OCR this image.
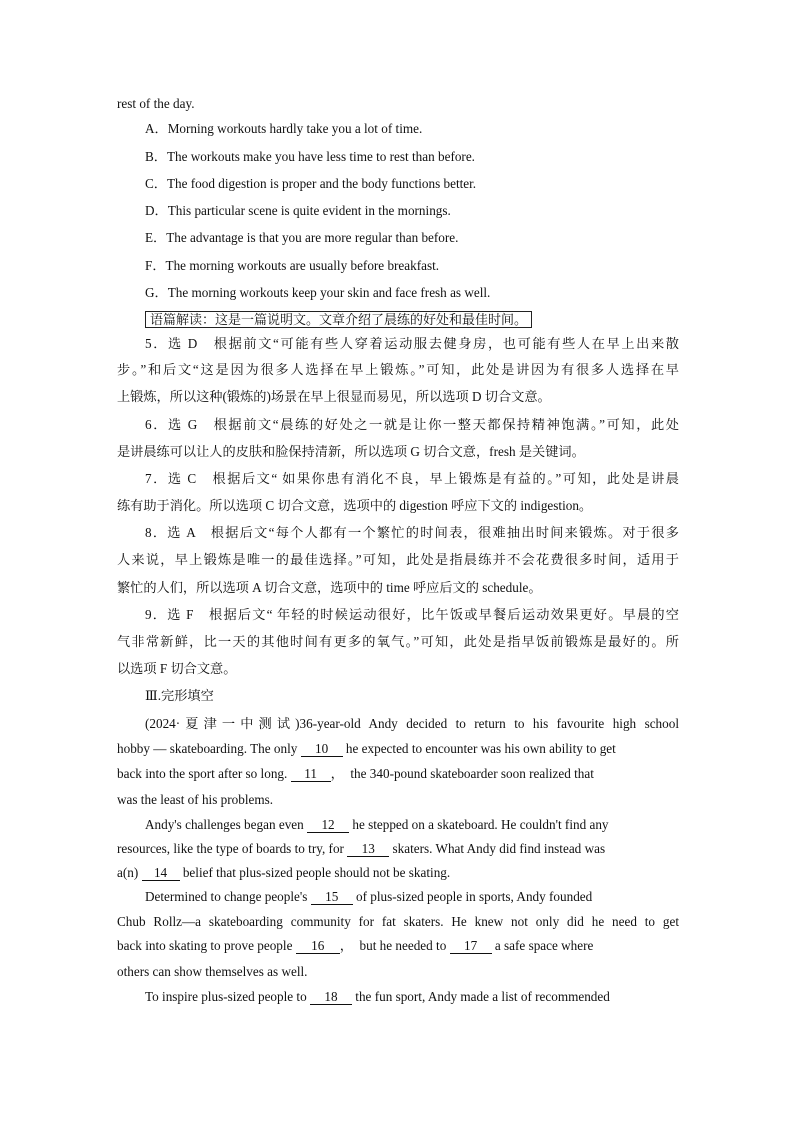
rest of the day.
A．Morning workouts hardly take you a lot of time.
B．The workouts make you have less time to rest than before.
C．The food digestion is proper and the body functions better.
D．This particular scene is quite evident in the mornings.
E．The advantage is that you are more regular than before.
F．The morning workouts are usually before breakfast.
G．The morning workouts keep your skin and face fresh as well.
语篇解读：这是一篇说明文。文章介绍了晨练的好处和最佳时间。
5．选 D　根据前文“可能有些人穿着运动服去健身房，也可能有些人在早上出来散
步。”和后文“这是因为很多人选择在早上锻炼。”可知，此处是讲因为有很多人选择在早
上锻炼，所以这种(锻炼的)场景在早上很显而易见，所以选项 D 切合文意。
6．选 G　根据前文“晨练的好处之一就是让你一整天都保持精神饱满。”可知，此处
是讲晨练可以让人的皮肤和脸保持清新，所以选项 G 切合文意，fresh 是关键词。
7．选 C　根据后文“ 如果你患有消化不良，早上锻炼是有益的。”可知，此处是讲晨
练有助于消化。所以选项 C 切合文意，选项中的 digestion 呼应下文的 indigestion。
8．选 A　根据后文“每个人都有一个繁忙的时间表，很难抽出时间来锻炼。对于很多
人来说，早上锻炼是唯一的最佳选择。”可知，此处是指晨练并不会花费很多时间，适用于
繁忙的人们，所以选项 A 切合文意，选项中的 time 呼应后文的 schedule。
9．选 F　根据后文“ 年轻的时候运动很好，比午饭或早餐后运动效果更好。早晨的空
气非常新鲜，比一天的其他时间有更多的氧气。”可知，此处是指早饭前锻炼是最好的。所
以选项 F 切合文意。
Ⅲ.完形填空
(2024·夏津一中测试)36-year-old Andy decided to return to his favourite high school
hobby — skateboarding. The only 10 he expected to encounter was his own ability to get
back into the sport after so long. 11 ，　the 340-pound skateboarder soon realized that
was the least of his problems.
Andy's challenges began even 12 he stepped on a skateboard. He couldn't find any
resources, like the type of boards to try, for 13 skaters. What Andy did find instead was
a(n) 14 belief that plus-sized people should not be skating.
Determined to change people's 15 of plus-sized people in sports, Andy founded
Chub Rollz—a skateboarding community for fat skaters. He knew not only did he need to get
back into skating to prove people 16 ，　but he needed to 17 a safe space where
others can show themselves as well.
To inspire plus-sized people to 18 the fun sport, Andy made a list of recommended
